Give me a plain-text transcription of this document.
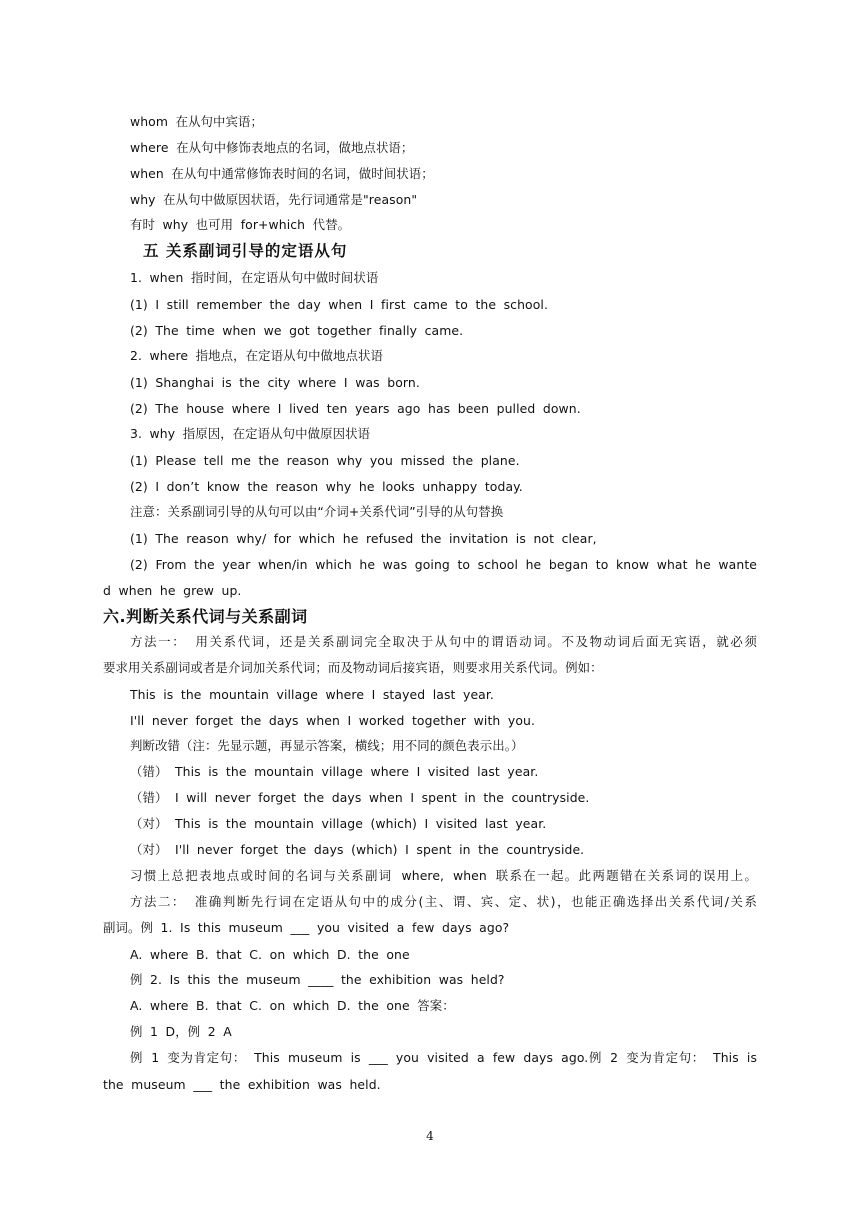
whom 在从句中宾语；
where 在从句中修饰表地点的名词，做地点状语；
when 在从句中通常修饰表时间的名词，做时间状语；
why 在从句中做原因状语，先行词通常是"reason"
有时 why 也可用 for+which 代替。
五 关系副词引导的定语从句
1. when 指时间，在定语从句中做时间状语
(1) I still remember the day when I first came to the school.
(2) The time when we got together finally came.
2. where 指地点，在定语从句中做地点状语
(1) Shanghai is the city where I was born.
(2) The house where I lived ten years ago has been pulled down.
3. why 指原因，在定语从句中做原因状语
(1) Please tell me the reason why you missed the plane.
(2) I don’t know the reason why he looks unhappy today.
注意：关系副词引导的从句可以由“介词+关系代词”引导的从句替换
(1) The reason why/ for which he refused the invitation is not clear,
(2) From the year when/in which he was going to school he began to know what he wante
d when he grew up.
六.判断关系代词与关系副词
方法一： 用关系代词，还是关系副词完全取决于从句中的谓语动词。不及物动词后面无宾语，就必须
要求用关系副词或者是介词加关系代词；而及物动词后接宾语，则要求用关系代词。例如：
This is the mountain village where I stayed last year.
I'll never forget the days when I worked together with you.
判断改错（注：先显示题，再显示答案，横线；用不同的颜色表示出。）
（错） This is the mountain village where I visited last year.
（错） I will never forget the days when I spent in the countryside.
（对） This is the mountain village (which) I visited last year.
（对） I'll never forget the days (which) I spent in the countryside.
习惯上总把表地点或时间的名词与关系副词 where, when 联系在一起。此两题错在关系词的误用上。
方法二： 准确判断先行词在定语从句中的成分(主、谓、宾、定、状)，也能正确选择出关系代词/关系
副词。例 1. Is this museum ___ you visited a few days ago?
A. where B. that C. on which D. the one
例 2. Is this the museum ____ the exhibition was held?
A. where B. that C. on which D. the one 答案：
例 1 D，例 2 A
例 1 变为肯定句： This museum is ___ you visited a few days ago.例 2 变为肯定句： This is
the museum ___ the exhibition was held.
4
